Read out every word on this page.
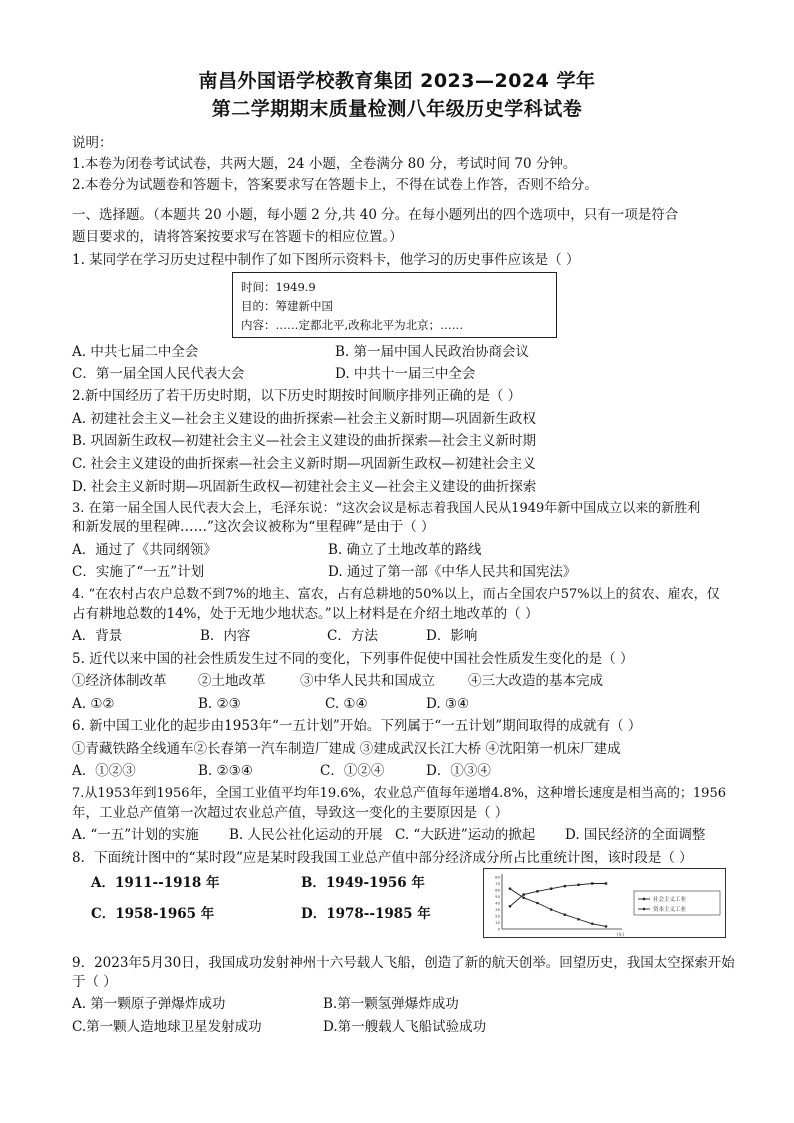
南昌外国语学校教育集团 2023—2024 学年
第二学期期末质量检测八年级历史学科试卷
说明：
1.本卷为闭卷考试试卷，共两大题，24 小题，全卷满分 80 分，考试时间 70 分钟。
2.本卷分为试题卷和答题卡，答案要求写在答题卡上，不得在试卷上作答，否则不给分。
一、选择题。（本题共 20 小题，每小题 2 分,共 40 分。在每小题列出的四个选项中，只有一项是符合
题目要求的，请将答案按要求写在答题卡的相应位置。）
1. 某同学在学习历史过程中制作了如下图所示资料卡，他学习的历史事件应该是（ ）
时间：1949.9
目的：筹建新中国
内容：……定都北平,改称北平为北京；……
A. 中共七届二中全会	B. 第一届中国人民政治协商会议
C．第一届全国人民代表大会	D. 中共十一届三中全会
2.新中国经历了若干历史时期，以下历史时期按时间顺序排列正确的是（ ）
A. 初建社会主义—社会主义建设的曲折探索—社会主义新时期—巩固新生政权
B. 巩固新生政权—初建社会主义—社会主义建设的曲折探索—社会主义新时期
C. 社会主义建设的曲折探索—社会主义新时期—巩固新生政权—初建社会主义
D. 社会主义新时期—巩固新生政权—初建社会主义—社会主义建设的曲折探索
3. 在第一届全国人民代表大会上，毛泽东说：“这次会议是标志着我国人民从1949年新中国成立以来的新胜利
和新发展的里程碑……”这次会议被称为“里程碑”是由于（ ）
A．通过了《共同纲领》	B. 确立了土地改革的路线
C．实施了“一五”计划	D. 通过了第一部《中华人民共和国宪法》
4. “在农村占农户总数不到7%的地主、富农，占有总耕地的50%以上，而占全国农户57%以上的贫农、雇农，仅
占有耕地总数的14%，处于无地少地状态。”以上材料是在介绍土地改革的（ ）
A．背景	B．内容	C．方法	D．影响
5. 近代以来中国的社会性质发生过不同的变化，下列事件促使中国社会性质发生变化的是（ ）
①经济体制改革 ②土地改革	③中华人民共和国成立 ④三大改造的基本完成
A. ①②	B. ②③	C. ①④	D. ③④
6. 新中国工业化的起步由1953年“一五计划”开始。下列属于“一五计划”期间取得的成就有（ ）
①青藏铁路全线通车②长春第一汽车制造厂建成 ③建成武汉长江大桥 ④沈阳第一机床厂建成
A．①②③	B. ②③④	C．①②④	D．①③④
7.从1953年到1956年，全国工业值平均年19.6%，农业总产值每年递增4.8%，这种增长速度是相当高的；1956
年，工业总产值第一次超过农业总产值，导致这一变化的主要原因是（ ）
A. “一五”计划的实施 B. 人民公社化运动的开展 C. “大跃进”运动的掀起 D. 国民经济的全面调整
8．下面统计图中的“某时段”应是某时段我国工业总产值中部分经济成分所占比重统计图，该时段是（ ）
A．1911--1918 年	B．1949-1956 年
C．1958-1965 年	D．1978--1985 年
80
70
60
50
40
30
20
10
0
(年)
社会主义工业
资本主义工业
9．2023年5月30日，我国成功发射神州十六号载人飞船，创造了新的航天创举。回望历史，我国太空探索开始
于（ ）
A. 第一颗原子弹爆炸成功	B.第一颗氢弹爆炸成功
C.第一颗人造地球卫星发射成功	D.第一艘载人飞船试验成功
